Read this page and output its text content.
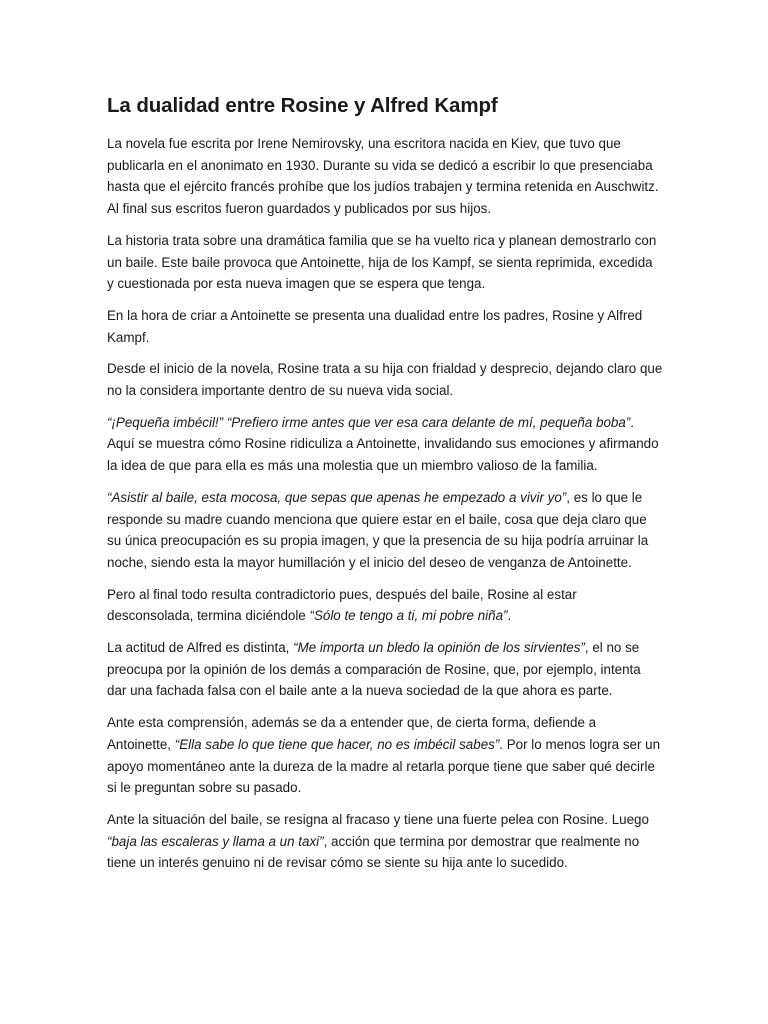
La dualidad entre Rosine y Alfred Kampf

La novela fue escrita por Irene Nemirovsky, una escritora nacida en Kiev, que tuvo que publicarla en el anonimato en 1930. Durante su vida se dedicó a escribir lo que presenciaba hasta que el ejército francés prohíbe que los judíos trabajen y termina retenida en Auschwitz. Al final sus escritos fueron guardados y publicados por sus hijos.

La historia trata sobre una dramática familia que se ha vuelto rica y planean demostrarlo con un baile. Este baile provoca que Antoinette, hija de los Kampf, se sienta reprimida, excedida y cuestionada por esta nueva imagen que se espera que tenga.

En la hora de criar a Antoinette se presenta una dualidad entre los padres, Rosine y Alfred Kampf.

Desde el inicio de la novela, Rosine trata a su hija con frialdad y desprecio, dejando claro que no la considera importante dentro de su nueva vida social.

“¡Pequeña imbécil!” “Prefiero irme antes que ver esa cara delante de mí, pequeña boba”. Aquí se muestra cómo Rosine ridiculiza a Antoinette, invalidando sus emociones y afirmando la idea de que para ella es más una molestia que un miembro valioso de la familia.

“Asistir al baile, esta mocosa, que sepas que apenas he empezado a vivir yo”, es lo que le responde su madre cuando menciona que quiere estar en el baile, cosa que deja claro que su única preocupación es su propia imagen, y que la presencia de su hija podría arruinar la noche, siendo esta la mayor humillación y el inicio del deseo de venganza de Antoinette.

Pero al final todo resulta contradictorio pues, después del baile, Rosine al estar desconsolada, termina diciéndole “Sólo te tengo a ti, mi pobre niña”.

La actitud de Alfred es distinta, “Me importa un bledo la opinión de los sirvientes”, el no se preocupa por la opinión de los demás a comparación de Rosine, que, por ejemplo, intenta dar una fachada falsa con el baile ante a la nueva sociedad de la que ahora es parte.

Ante esta comprensión, además se da a entender que, de cierta forma, defiende a Antoinette, “Ella sabe lo que tiene que hacer, no es imbécil sabes”. Por lo menos logra ser un apoyo momentáneo ante la dureza de la madre al retarla porque tiene que saber qué decirle si le preguntan sobre su pasado.

Ante la situación del baile, se resigna al fracaso y tiene una fuerte pelea con Rosine. Luego “baja las escaleras y llama a un taxi”, acción que termina por demostrar que realmente no tiene un interés genuino ni de revisar cómo se siente su hija ante lo sucedido.
